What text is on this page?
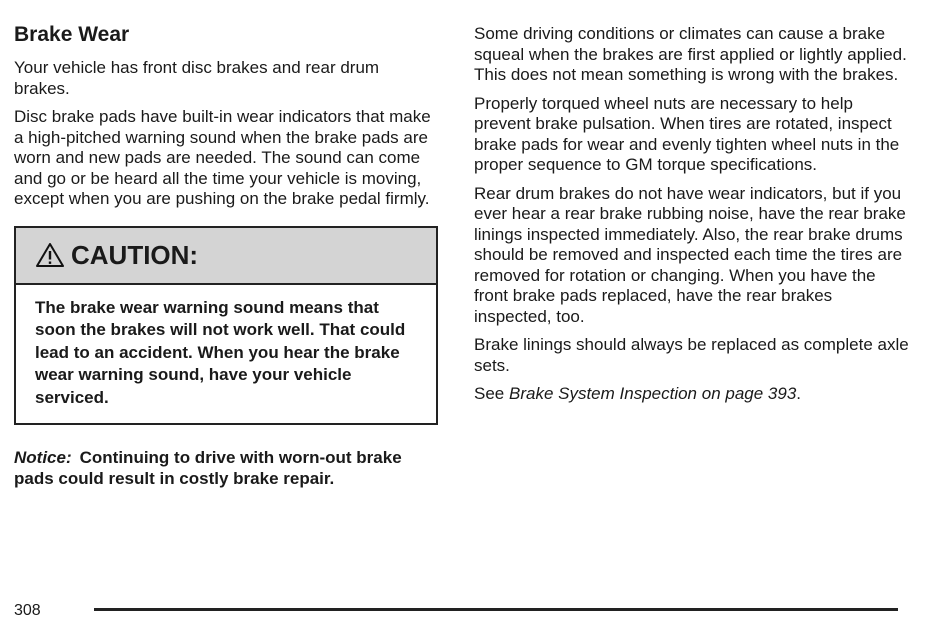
Brake Wear

Your vehicle has front disc brakes and rear drum brakes.

Disc brake pads have built-in wear indicators that make a high-pitched warning sound when the brake pads are worn and new pads are needed. The sound can come and go or be heard all the time your vehicle is moving, except when you are pushing on the brake pedal firmly.

CAUTION:
The brake wear warning sound means that soon the brakes will not work well. That could lead to an accident. When you hear the brake wear warning sound, have your vehicle serviced.
Notice: Continuing to drive with worn-out brake pads could result in costly brake repair.

Some driving conditions or climates can cause a brake squeal when the brakes are first applied or lightly applied. This does not mean something is wrong with the brakes.

Properly torqued wheel nuts are necessary to help prevent brake pulsation. When tires are rotated, inspect brake pads for wear and evenly tighten wheel nuts in the proper sequence to GM torque specifications.

Rear drum brakes do not have wear indicators, but if you ever hear a rear brake rubbing noise, have the rear brake linings inspected immediately. Also, the rear brake drums should be removed and inspected each time the tires are removed for rotation or changing. When you have the front brake pads replaced, have the rear brakes inspected, too.

Brake linings should always be replaced as complete axle sets.

See Brake System Inspection on page 393.

308
